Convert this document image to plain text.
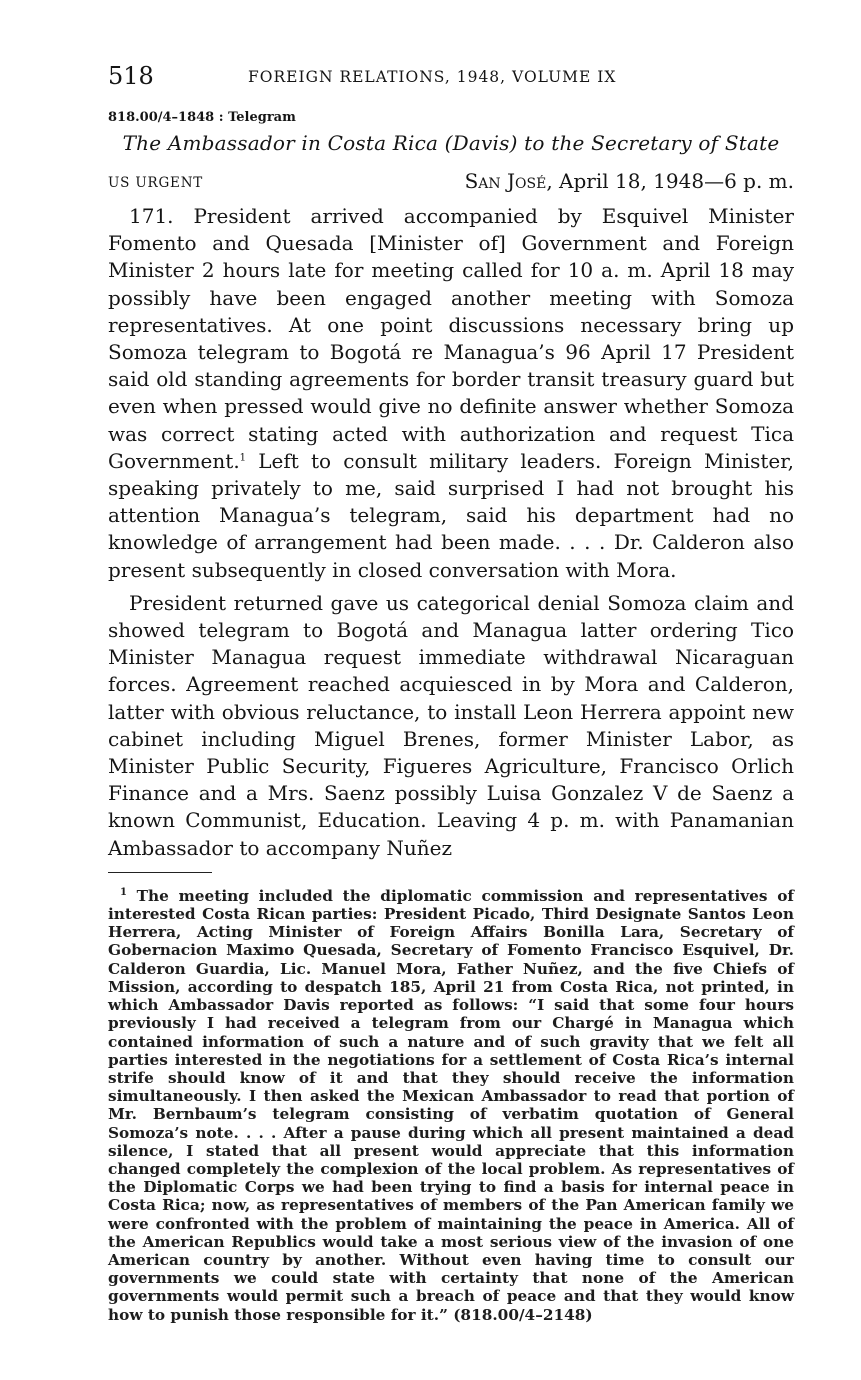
518	FOREIGN RELATIONS, 1948, VOLUME IX
818.00/4–1848 : Telegram
The Ambassador in Costa Rica (Davis) to the Secretary of State
US URGENT	San José, April 18, 1948—6 p. m.

171. President arrived accompanied by Esquivel Minister Fomento and Quesada [Minister of] Government and Foreign Minister 2 hours late for meeting called for 10 a. m. April 18 may possibly have been engaged another meeting with Somoza representatives. At one point discussions necessary bring up Somoza telegram to Bogotá re Managua’s 96 April 17 President said old standing agreements for border transit treasury guard but even when pressed would give no definite answer whether Somoza was correct stating acted with authorization and request Tica Government.$^1$ Left to consult military leaders. Foreign Minister, speaking privately to me, said surprised I had not brought his attention Managua’s telegram, said his department had no knowledge of arrangement had been made. . . . Dr. Calderon also present subsequently in closed conversation with Mora.

President returned gave us categorical denial Somoza claim and showed telegram to Bogotá and Managua latter ordering Tico Minister Managua request immediate withdrawal Nicaraguan forces. Agreement reached acquiesced in by Mora and Calderon, latter with obvious reluctance, to install Leon Herrera appoint new cabinet including Miguel Brenes, former Minister Labor, as Minister Public Security, Figueres Agriculture, Francisco Orlich Finance and a Mrs. Saenz possibly Luisa Gonzalez V de Saenz a known Communist, Education. Leaving 4 p. m. with Panamanian Ambassador to accompany Nuñez

$^1$ The meeting included the diplomatic commission and representatives of interested Costa Rican parties: President Picado, Third Designate Santos Leon Herrera, Acting Minister of Foreign Affairs Bonilla Lara, Secretary of Gobernacion Maximo Quesada, Secretary of Fomento Francisco Esquivel, Dr. Calderon Guardia, Lic. Manuel Mora, Father Nuñez, and the five Chiefs of Mission, according to despatch 185, April 21 from Costa Rica, not printed, in which Ambassador Davis reported as follows: “I said that some four hours previously I had received a telegram from our Chargé in Managua which contained information of such a nature and of such gravity that we felt all parties interested in the negotiations for a settlement of Costa Rica’s internal strife should know of it and that they should receive the information simultaneously. I then asked the Mexican Ambassador to read that portion of Mr. Bernbaum’s telegram consisting of verbatim quotation of General Somoza’s note. . . . After a pause during which all present maintained a dead silence, I stated that all present would appreciate that this information changed completely the complexion of the local problem. As representatives of the Diplomatic Corps we had been trying to find a basis for internal peace in Costa Rica; now, as representatives of members of the Pan American family we were confronted with the problem of maintaining the peace in America. All of the American Republics would take a most serious view of the invasion of one American country by another. Without even having time to consult our governments we could state with certainty that none of the American governments would permit such a breach of peace and that they would know how to punish those responsible for it.” (818.00/4–2148)
